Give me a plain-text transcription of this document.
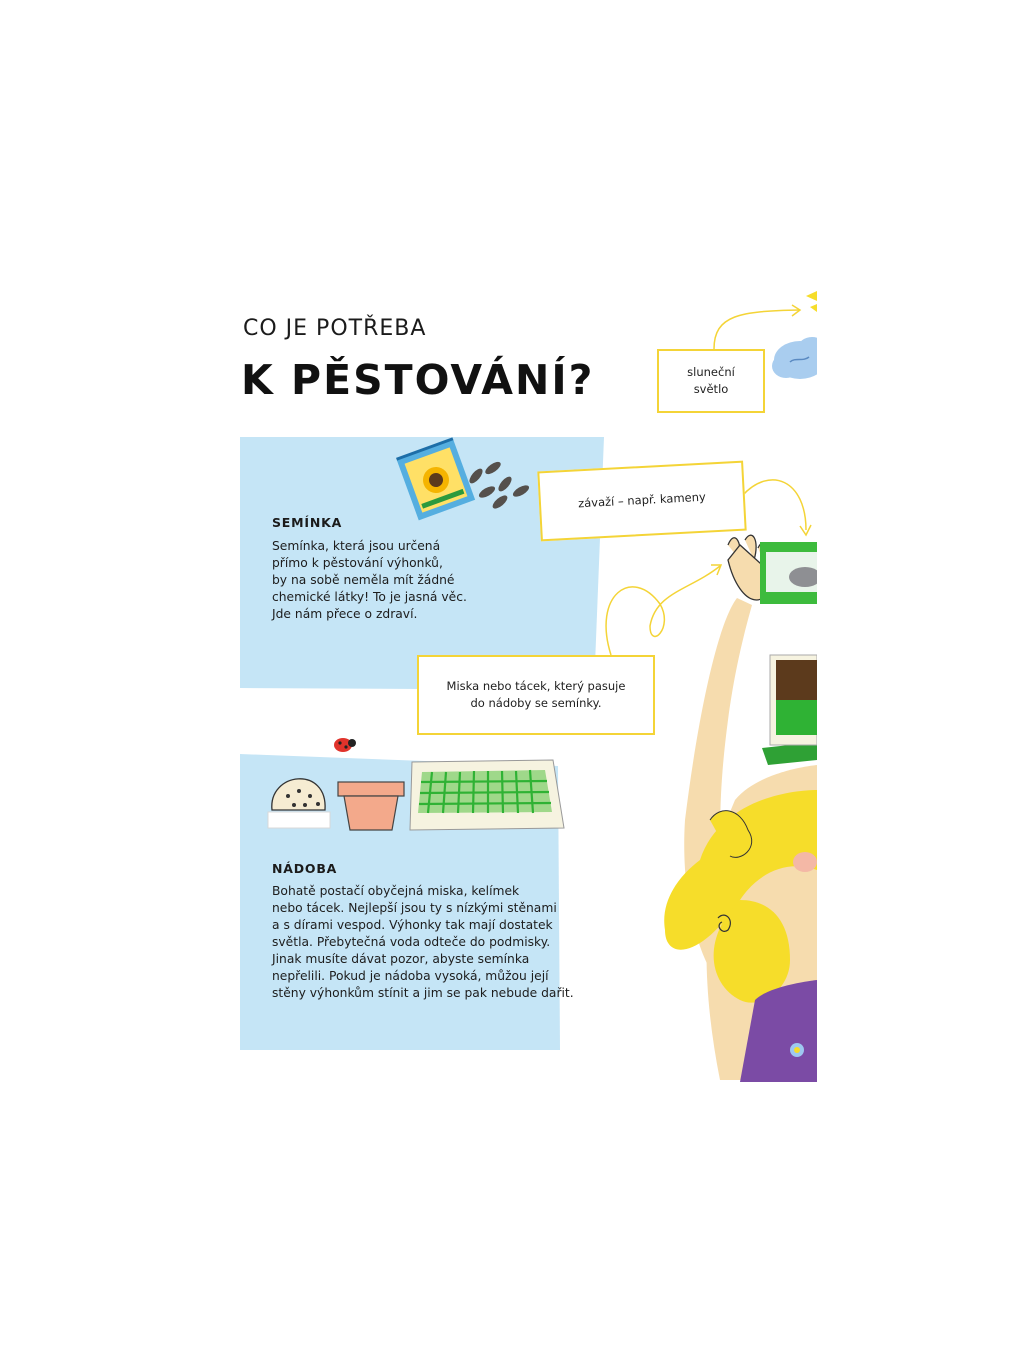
CO JE POTŘEBA
K PĚSTOVÁNÍ?	sluneční
světlo
závaží – např. kameny
Miska nebo tácek, který pasuje
do nádoby se semínky.
SEMÍNKA
Semínka, která jsou určená
přímo k pěstování výhonků,
by na sobě neměla mít žádné
chemické látky! To je jasná věc.
Jde nám přece o zdraví.
NÁDOBA
Bohatě postačí obyčejná miska, kelímek
nebo tácek. Nejlepší jsou ty s nízkými stěnami
a s dírami vespod. Výhonky tak mají dostatek
světla. Přebytečná voda odteče do podmisky.
Jinak musíte dávat pozor, abyste semínka
nepřelili. Pokud je nádoba vysoká, můžou její
stěny výhonkům stínit a jim se pak nebude dařit.
